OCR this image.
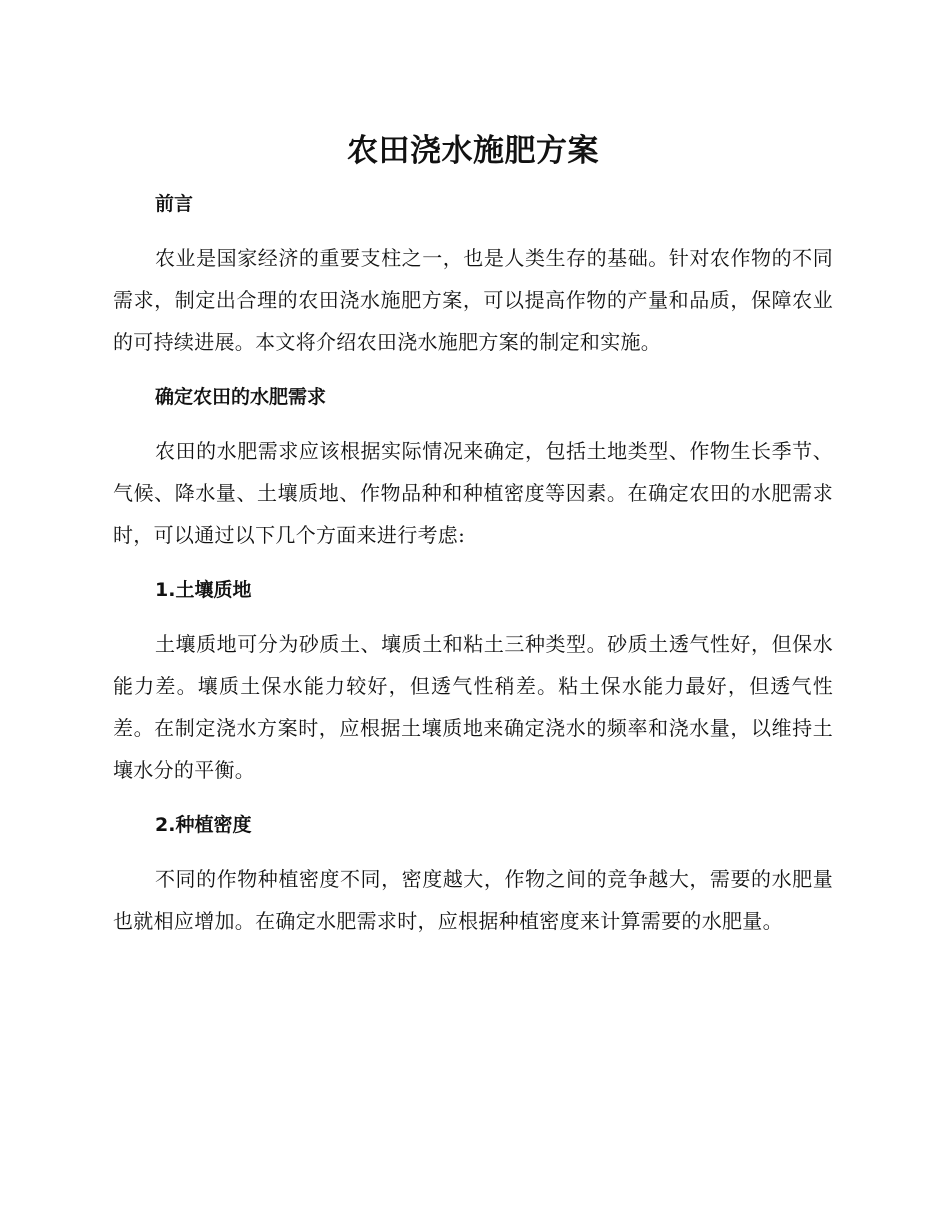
农田浇水施肥方案
前言

农业是国家经济的重要支柱之一，也是人类生存的基础。针对农作物的不同需求，制定出合理的农田浇水施肥方案，可以提高作物的产量和品质，保障农业的可持续进展。本文将介绍农田浇水施肥方案的制定和实施。

确定农田的水肥需求

农田的水肥需求应该根据实际情况来确定，包括土地类型、作物生长季节、气候、降水量、土壤质地、作物品种和种植密度等因素。在确定农田的水肥需求时，可以通过以下几个方面来进行考虑:

1.土壤质地

土壤质地可分为砂质土、壤质土和粘土三种类型。砂质土透气性好，但保水能力差。壤质土保水能力较好，但透气性稍差。粘土保水能力最好，但透气性差。在制定浇水方案时，应根据土壤质地来确定浇水的频率和浇水量，以维持土壤水分的平衡。

2.种植密度

不同的作物种植密度不同，密度越大，作物之间的竞争越大，需要的水肥量也就相应增加。在确定水肥需求时，应根据种植密度来计算需要的水肥量。
